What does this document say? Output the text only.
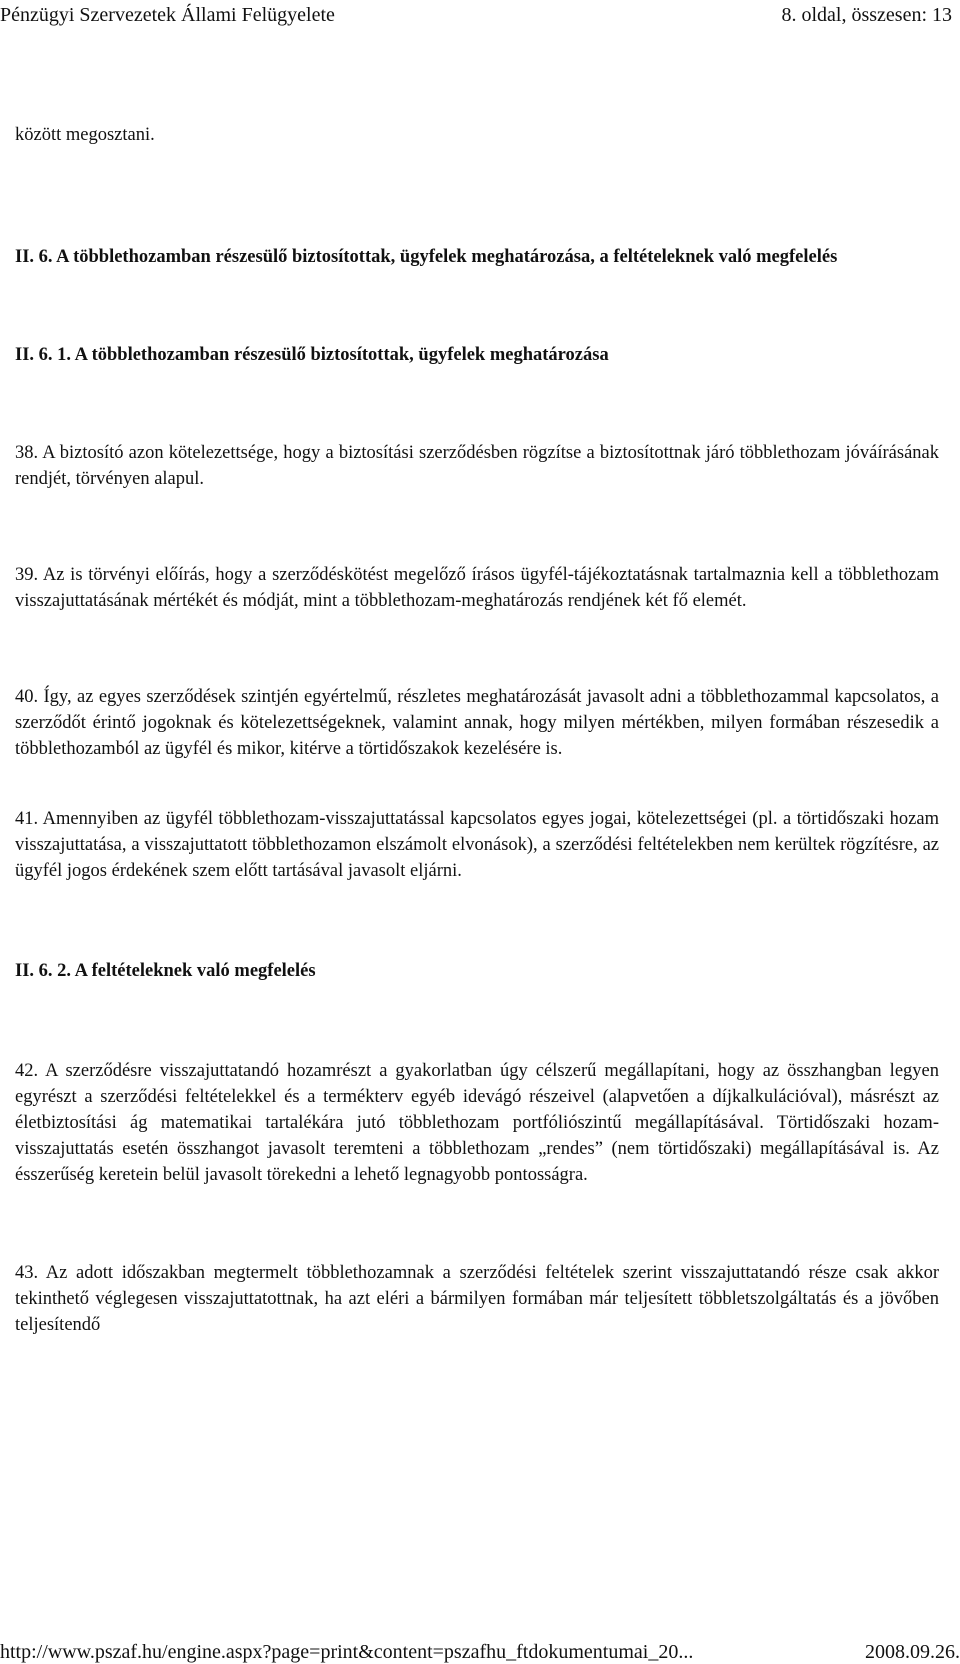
Pénzügyi Szervezetek Állami Felügyelete	8. oldal, összesen: 13

között megosztani.

II. 6. A többlethozamban részesülő biztosítottak, ügyfelek meghatározása, a feltételeknek való megfelelés

II. 6. 1. A többlethozamban részesülő biztosítottak, ügyfelek meghatározása

38. A biztosító azon kötelezettsége, hogy a biztosítási szerződésben rögzítse a biztosítottnak járó többlethozam jóváírásának rendjét, törvényen alapul.

39. Az is törvényi előírás, hogy a szerződéskötést megelőző írásos ügyfél-tájékoztatásnak tartalmaznia kell a többlethozam visszajuttatásának mértékét és módját, mint a többlethozam-meghatározás rendjének két fő elemét.

40. Így, az egyes szerződések szintjén egyértelmű, részletes meghatározását javasolt adni a többlethozammal kapcsolatos, a szerződőt érintő jogoknak és kötelezettségeknek, valamint annak, hogy milyen mértékben, milyen formában részesedik a többlethozamból az ügyfél és mikor, kitérve a törtidőszakok kezelésére is.

41. Amennyiben az ügyfél többlethozam-visszajuttatással kapcsolatos egyes jogai, kötelezettségei (pl. a törtidőszaki hozam visszajuttatása, a visszajuttatott többlethozamon elszámolt elvonások), a szerződési feltételekben nem kerültek rögzítésre, az ügyfél jogos érdekének szem előtt tartásával javasolt eljárni.

II. 6. 2. A feltételeknek való megfelelés

42. A szerződésre visszajuttatandó hozamrészt a gyakorlatban úgy célszerű megállapítani, hogy az összhangban legyen egyrészt a szerződési feltételekkel és a termékterv egyéb idevágó részeivel (alapvetően a díjkalkulációval), másrészt az életbiztosítási ág matematikai tartalékára jutó többlethozam portfóliószintű megállapításával. Törtidőszaki hozam-visszajuttatás esetén összhangot javasolt teremteni a többlethozam „rendes” (nem törtidőszaki) megállapításával is. Az ésszerűség keretein belül javasolt törekedni a lehető legnagyobb pontosságra.

43. Az adott időszakban megtermelt többlethozamnak a szerződési feltételek szerint visszajuttatandó része csak akkor tekinthető véglegesen visszajuttatottnak, ha azt eléri a bármilyen formában már teljesített többletszolgáltatás és a jövőben teljesítendő

http://www.pszaf.hu/engine.aspx?page=print&content=pszafhu_ftdokumentumai_20...	2008.09.26.
